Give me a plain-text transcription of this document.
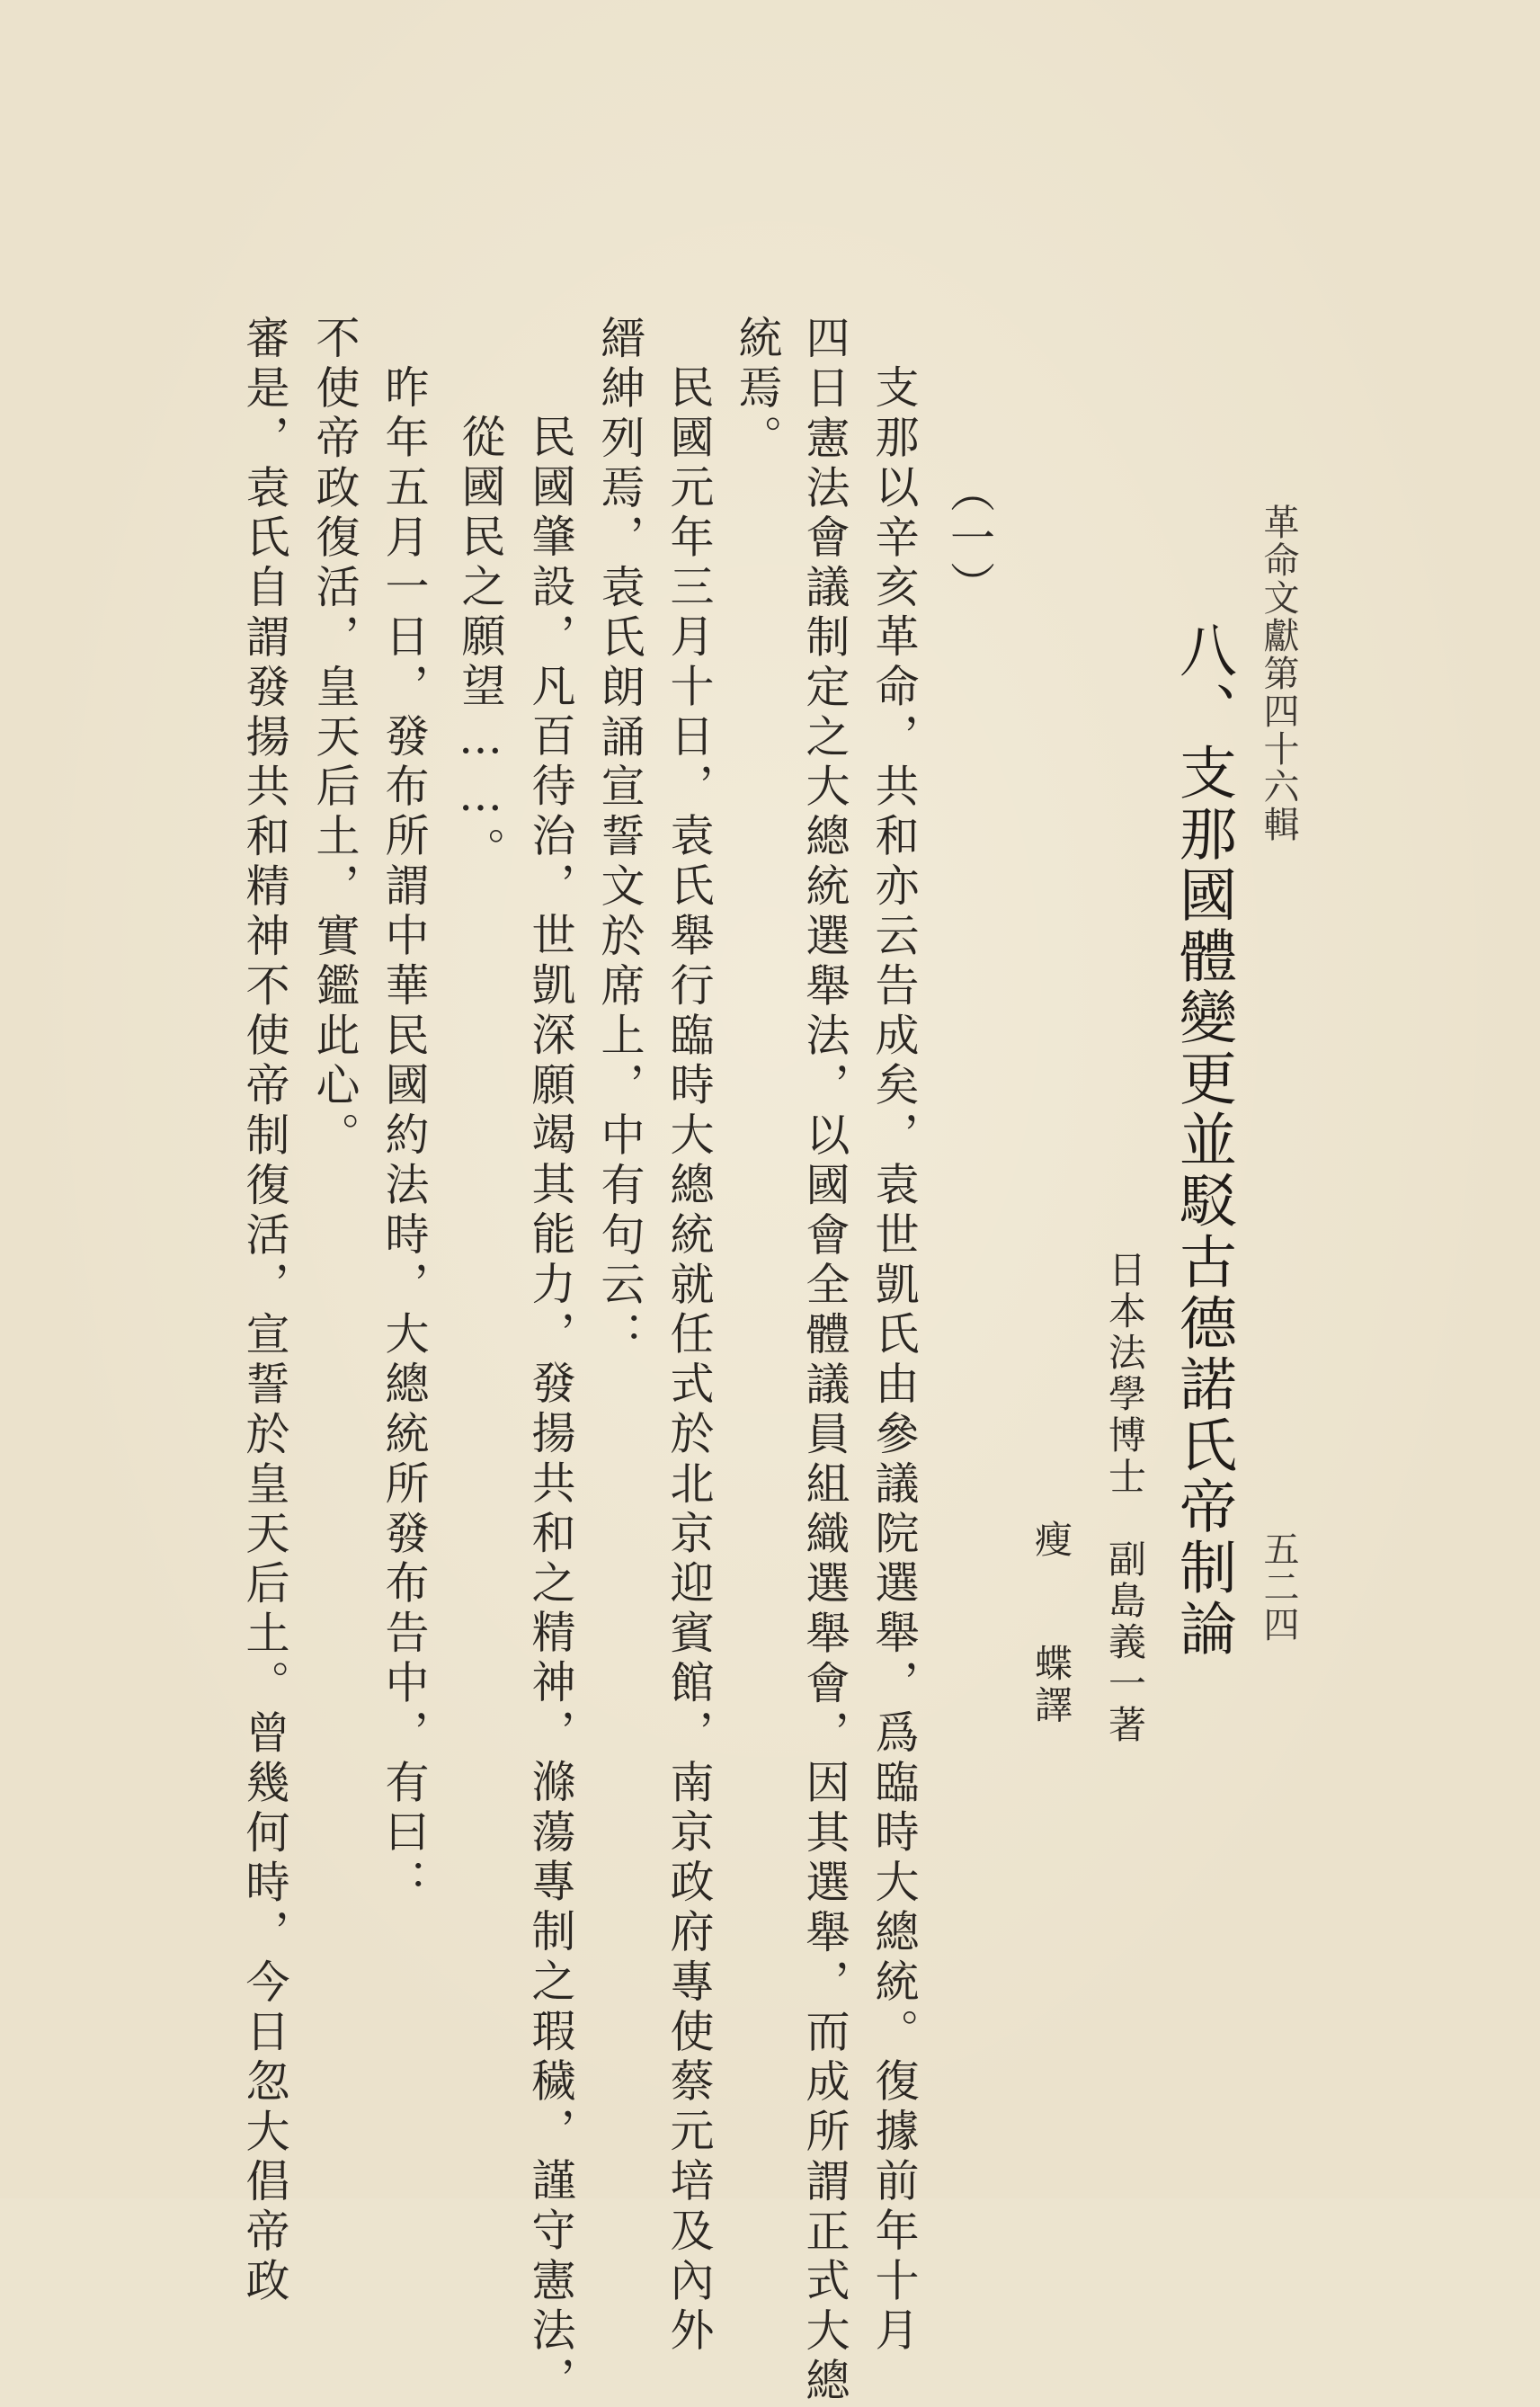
革命文獻第四十六輯
五二四
八、支那國體變更並駁古德諾氏帝制論
日本法學博士　副島義一著
瘦　　蝶譯
（一）
支那以辛亥革命，共和亦云告成矣，袁世凱氏由參議院選舉，爲臨時大總統。復據前年十月
四日憲法會議制定之大總統選舉法，以國會全體議員組織選舉會，因其選舉，而成所謂正式大總
統焉。
民國元年三月十日，袁氏舉行臨時大總統就任式於北京迎賓館，南京政府專使蔡元培及內外
縉紳列焉，袁氏朗誦宣誓文於席上，中有句云：
民國肇設，凡百待治，世凱深願竭其能力，發揚共和之精神，滌蕩專制之瑕穢，謹守憲法，
從國民之願望……。
昨年五月一日，發布所謂中華民國約法時，大總統所發布告中，有曰：
不使帝政復活，皇天后土，實鑑此心。
審是，袁氏自謂發揚共和精神不使帝制復活，宣誓於皇天后土。曾幾何時，今日忽大倡帝政
